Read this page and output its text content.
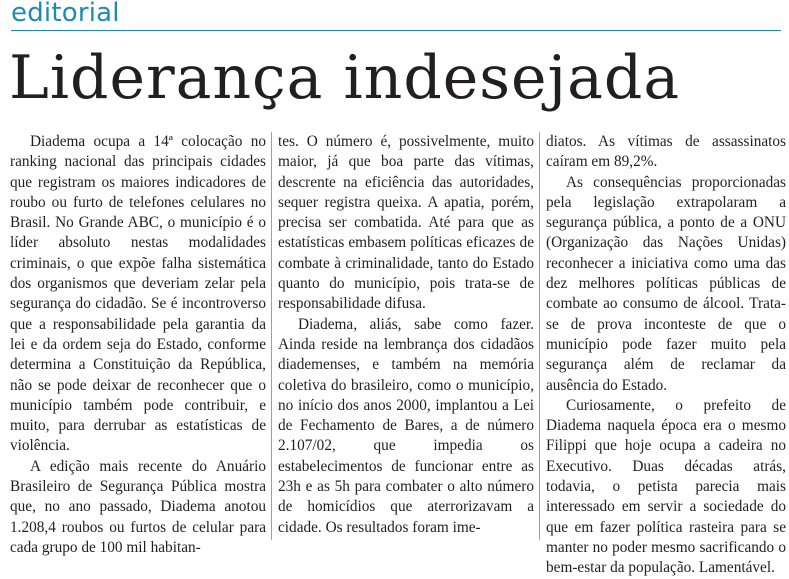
editorial
Liderança indesejada

Diadema ocupa a 14ª colocação no ranking nacional das principais cidades que registram os maiores indicadores de roubo ou furto de telefones celulares no Brasil. No Grande ABC, o município é o líder absoluto nestas modalidades criminais, o que expõe falha sistemática dos organismos que deveriam zelar pela segurança do cidadão. Se é incontroverso que a responsabilidade pela garantia da lei e da ordem seja do Estado, conforme determina a Constituição da República, não se pode deixar de reconhecer que o município também pode contribuir, e muito, para derrubar as estatísticas de violência.

A edição mais recente do Anuário Brasileiro de Segurança Pública mostra que, no ano passado, Diadema anotou 1.208,4 roubos ou furtos de celular para cada grupo de 100 mil habitan-

tes. O número é, possivelmente, muito maior, já que boa parte das vítimas, descrente na eficiência das autoridades, sequer registra queixa. A apatia, porém, precisa ser combatida. Até para que as estatísticas embasem políticas eficazes de combate à criminalidade, tanto do Estado quanto do município, pois trata-se de responsabilidade difusa.

Diadema, aliás, sabe como fazer. Ainda reside na lembrança dos cidadãos diademenses, e também na memória coletiva do brasileiro, como o município, no início dos anos 2000, implantou a Lei de Fechamento de Bares, a de número 2.107/02, que impedia os estabelecimentos de funcionar entre as 23h e as 5h para combater o alto número de homicídios que aterrorizavam a cidade. Os resultados foram ime-

diatos. As vítimas de assassinatos caíram em 89,2%.

As consequências proporcionadas pela legislação extrapolaram a segurança pública, a ponto de a ONU (Organização das Nações Unidas) reconhecer a iniciativa como uma das dez melhores políticas públicas de combate ao consumo de álcool. Trata-se de prova inconteste de que o município pode fazer muito pela segurança além de reclamar da ausência do Estado.

Curiosamente, o prefeito de Diadema naquela época era o mesmo Filippi que hoje ocupa a cadeira no Executivo. Duas décadas atrás, todavia, o petista parecia mais interessado em servir a sociedade do que em fazer política rasteira para se manter no poder mesmo sacrificando o bem-estar da população. Lamentável.
